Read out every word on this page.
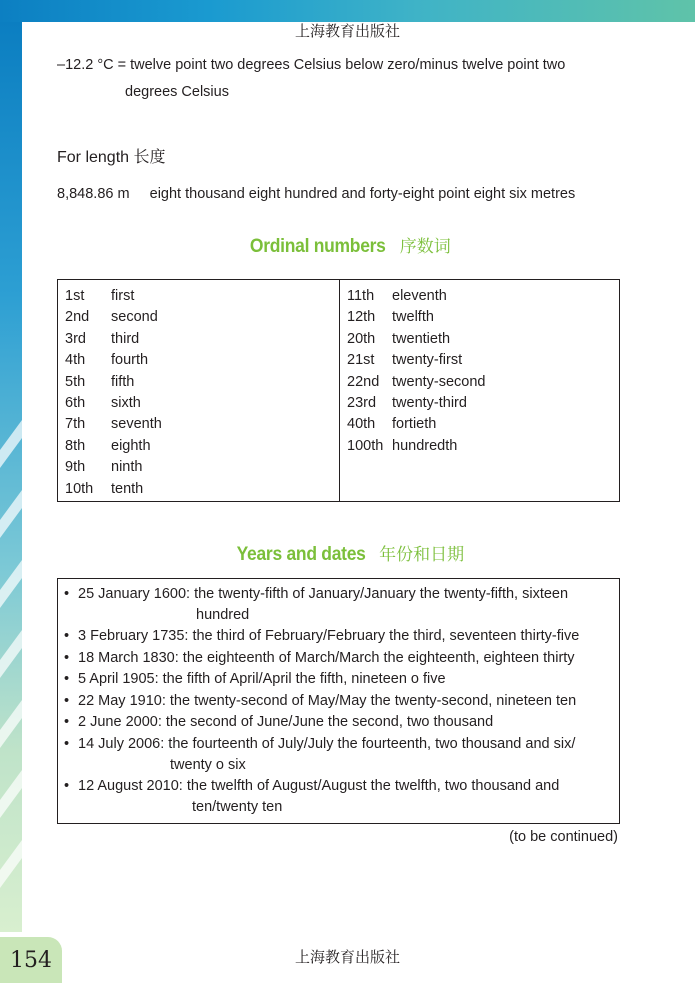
上海教育出版社
–12.2 °C = twelve point two degrees Celsius below zero/minus twelve point two
degrees Celsius
For length 长度
8,848.86 m eight thousand eight hundred and forty-eight point eight six metres
Ordinal numbers 序数词
1st first
2nd second
3rd third
4th fourth
5th fifth
6th sixth
7th seventh
8th eighth
9th ninth
10th tenth

11th eleventh
12th twelfth
20th twentieth
21st twenty-first
22nd twenty-second
23rd twenty-third
40th fortieth
100th hundredth
Years and dates 年份和日期
• 25 January 1600: the twenty-fifth of January/January the twenty-fifth, sixteen
hundred
• 3 February 1735: the third of February/February the third, seventeen thirty-five
• 18 March 1830: the eighteenth of March/March the eighteenth, eighteen thirty
• 5 April 1905: the fifth of April/April the fifth, nineteen o five
• 22 May 1910: the twenty-second of May/May the twenty-second, nineteen ten
• 2 June 2000: the second of June/June the second, two thousand
• 14 July 2006: the fourteenth of July/July the fourteenth, two thousand and six/
twenty o six
• 12 August 2010: the twelfth of August/August the twelfth, two thousand and
ten/twenty ten
(to be continued)
154	上海教育出版社
